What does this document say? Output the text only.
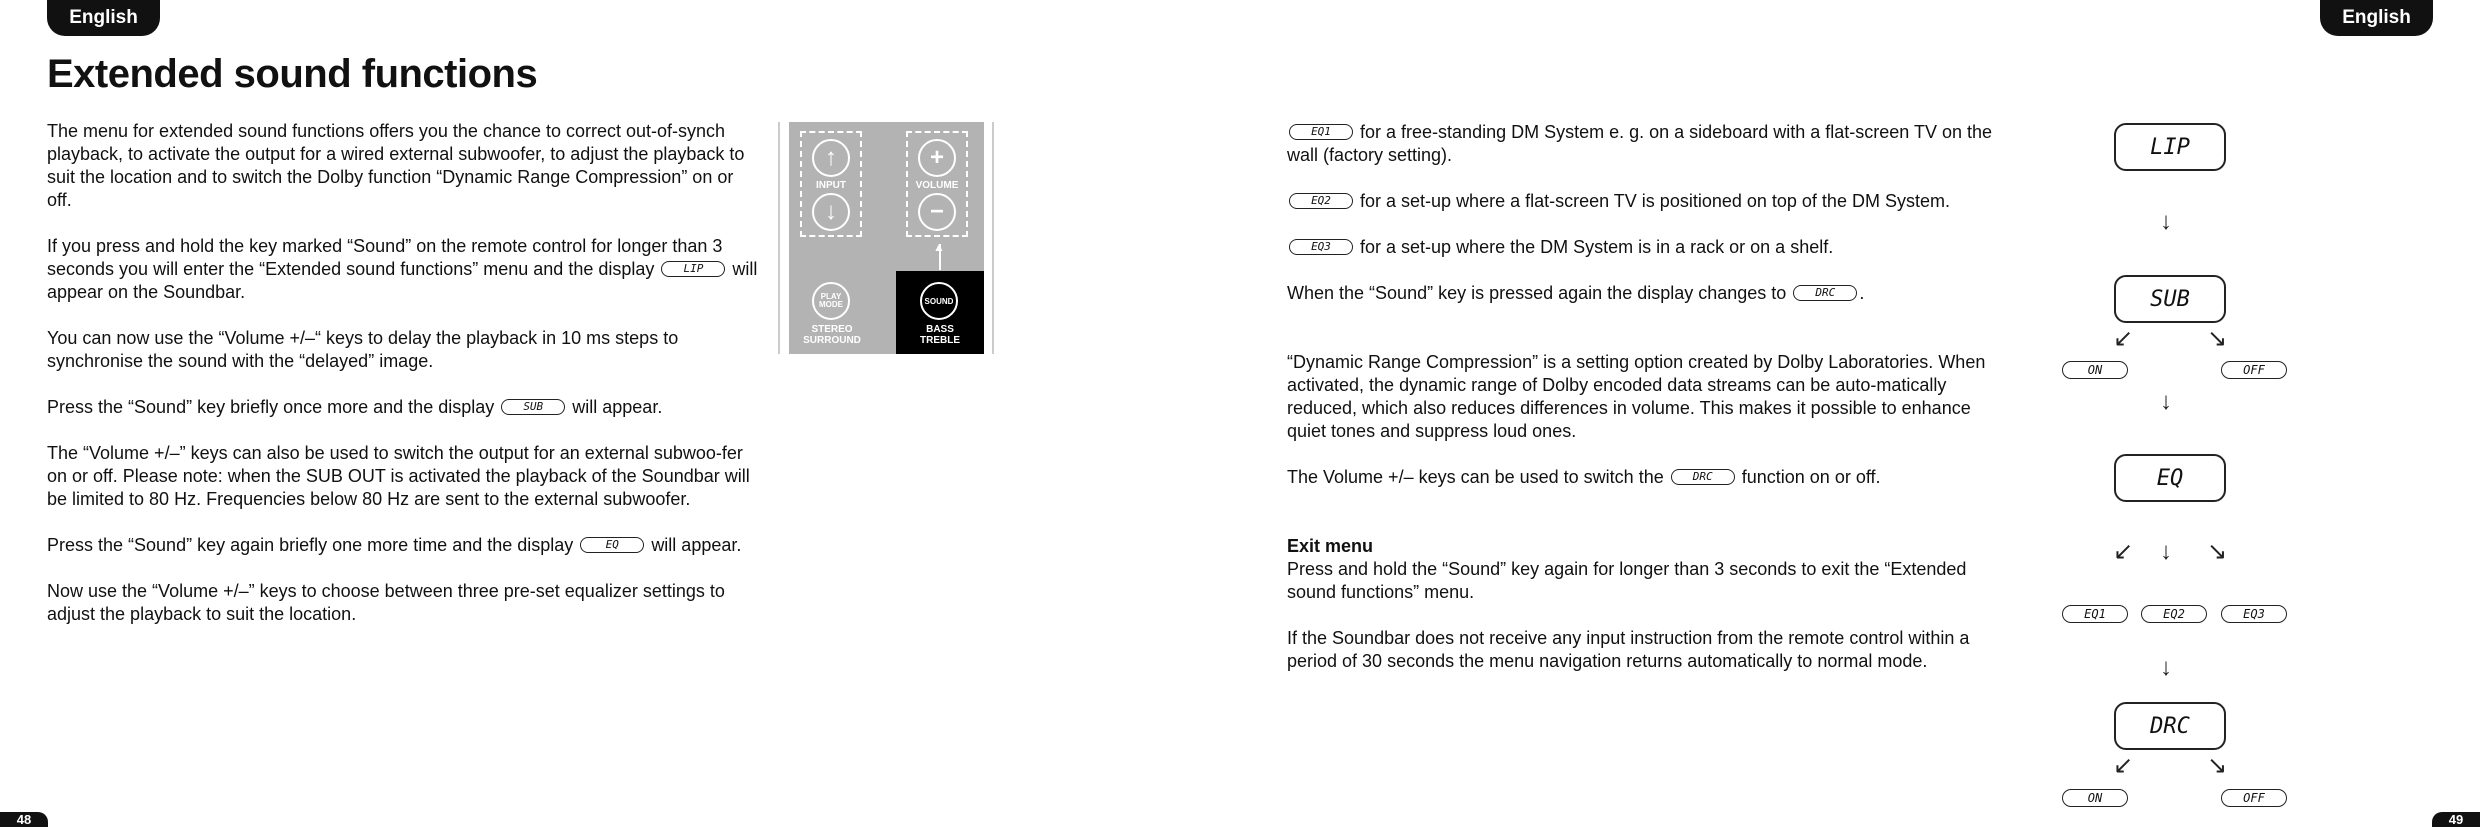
English	English
Extended sound functions

The menu for extended sound functions offers you the chance to correct out-of-synch playback, to activate the output for a wired external subwoofer, to adjust the playback to suit the location and to switch the Dolby function “Dynamic Range Compression” on or off.

If you press and hold the key marked “Sound” on the remote control for longer than 3 seconds you will enter the “Extended sound functions” menu and the display	LIP will appear on the Soundbar.

You can now use the “Volume +/–“ keys to delay the playback in 10 ms steps to synchronise the sound with the “delayed” image.

Press the “Sound” key briefly once more and the display	SUB will appear.

The “Volume +/–” keys can also be used to switch the output for an external subwoo-fer on or off. Please note: when the SUB OUT is activated the playback of the Soundbar will be limited to 80 Hz. Frequencies below 80 Hz are sent to the external subwoofer.

Press the “Sound” key again briefly one more time and the display	EQ will appear.

Now use the “Volume +/–” keys to choose between three pre-set equalizer settings to adjust the playback to suit the location.

↑
INPUT
↓
+
VOLUME
−
▲
PLAY MODE
STEREO SURROUND
SOUND
BASS TREBLE

EQ1 for a free-standing DM System e. g. on a sideboard with a flat-screen TV on the wall (factory setting).

EQ2 for a set-up where a flat-screen TV is positioned on top of the DM System.

EQ3 for a set-up where the DM System is in a rack or on a shelf.

When the “Sound” key is pressed again the display changes to	DRC .

“Dynamic Range Compression” is a setting option created by Dolby Laboratories. When activated, the dynamic range of Dolby encoded data streams can be auto-matically reduced, which also reduces differences in volume. This makes it possible to enhance quiet tones and suppress loud ones.

The Volume +/– keys can be used to switch the	DRC function on or off.

Exit menu

Press and hold the “Sound” key again for longer than 3 seconds to exit the “Extended sound functions” menu.

If the Soundbar does not receive any input instruction from the remote control within a period of 30 seconds the menu navigation returns automatically to normal mode.

LIP
↓
SUB
↙	↘
ON	OFF
↓
EQ
↙ ↓ ↘
EQ1	EQ2	EQ3
↓
DRC
↙	↘
ON	OFF
48	49
